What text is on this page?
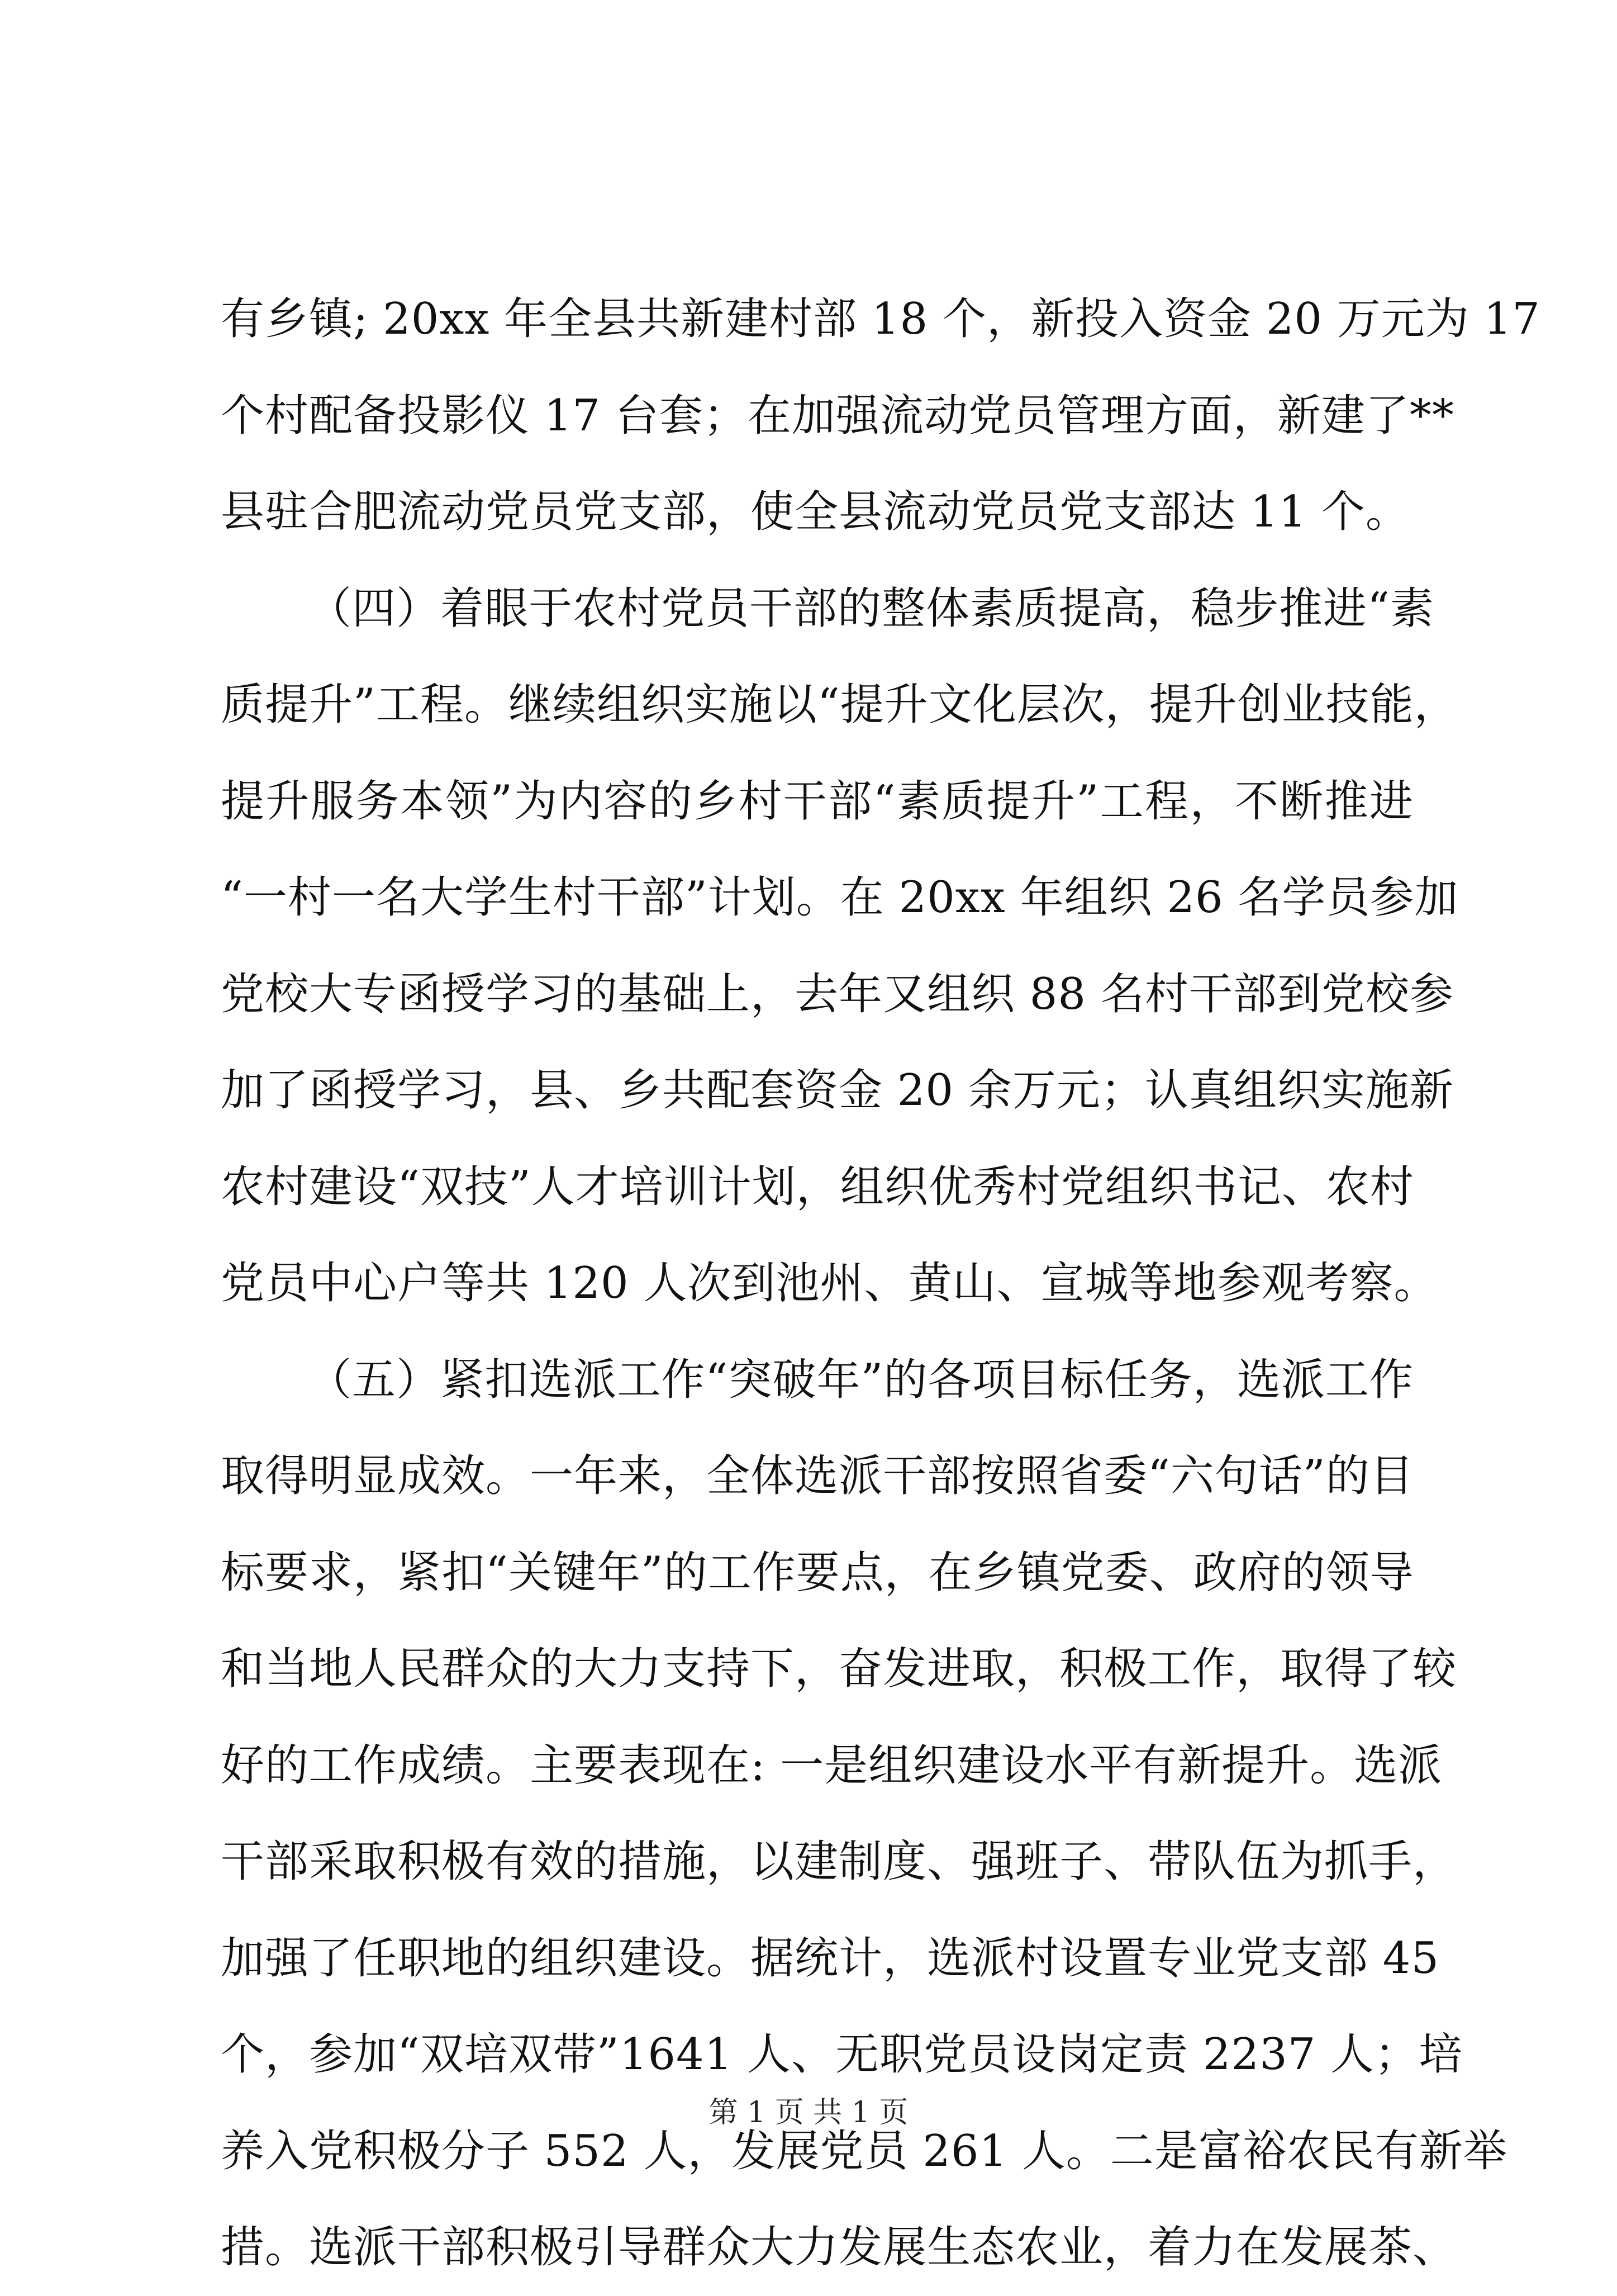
有乡镇; 20xx 年全县共新建村部 18 个，新投入资金 20 万元为 17
个村配备投影仪 17 台套；在加强流动党员管理方面，新建了**
县驻合肥流动党员党支部，使全县流动党员党支部达 11 个。
（四）着眼于农村党员干部的整体素质提高，稳步推进“素
质提升”工程。继续组织实施以“提升文化层次，提升创业技能，
提升服务本领”为内容的乡村干部“素质提升”工程，不断推进
“一村一名大学生村干部”计划。在 20xx 年组织 26 名学员参加
党校大专函授学习的基础上，去年又组织 88 名村干部到党校参
加了函授学习，县、乡共配套资金 20 余万元；认真组织实施新
农村建设“双技”人才培训计划，组织优秀村党组织书记、农村
党员中心户等共 120 人次到池州、黄山、宣城等地参观考察。
（五）紧扣选派工作“突破年”的各项目标任务，选派工作
取得明显成效。一年来，全体选派干部按照省委“六句话”的目
标要求，紧扣“关键年”的工作要点，在乡镇党委、政府的领导
和当地人民群众的大力支持下，奋发进取，积极工作，取得了较
好的工作成绩。主要表现在: 一是组织建设水平有新提升。选派
干部采取积极有效的措施，以建制度、强班子、带队伍为抓手，
加强了任职地的组织建设。据统计，选派村设置专业党支部 45
个，参加“双培双带”1641 人、无职党员设岗定责 2237 人；培
养入党积极分子 552 人，发展党员 261 人。二是富裕农民有新举
措。选派干部积极引导群众大力发展生态农业，着力在发展茶、
第 1 页 共 1 页
